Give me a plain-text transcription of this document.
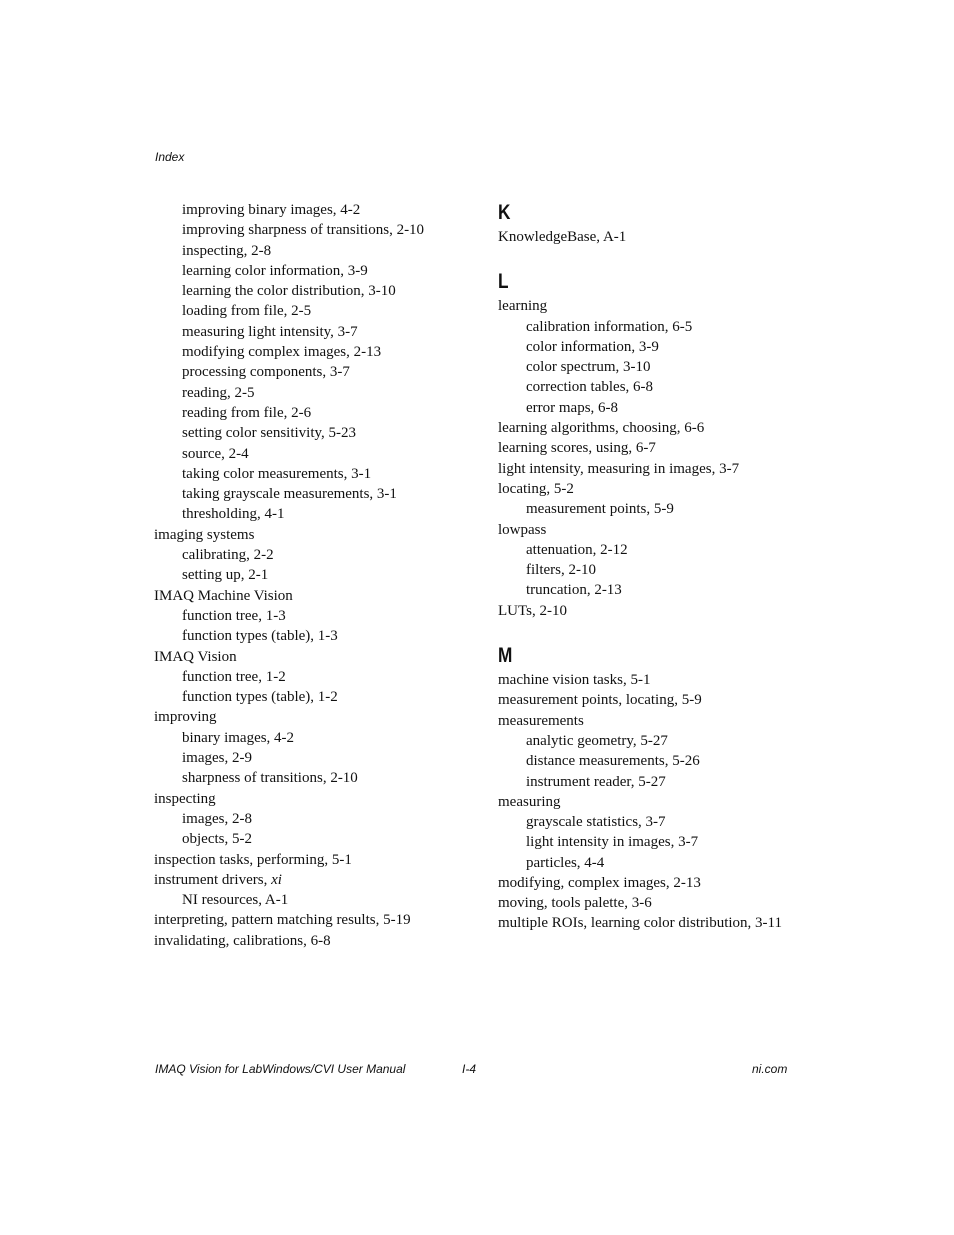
Index
improving binary images, 4-2
improving sharpness of transitions, 2-10
inspecting, 2-8
learning color information, 3-9
learning the color distribution, 3-10
loading from file, 2-5
measuring light intensity, 3-7
modifying complex images, 2-13
processing components, 3-7
reading, 2-5
reading from file, 2-6
setting color sensitivity, 5-23
source, 2-4
taking color measurements, 3-1
taking grayscale measurements, 3-1
thresholding, 4-1
imaging systems
calibrating, 2-2
setting up, 2-1
IMAQ Machine Vision
function tree, 1-3
function types (table), 1-3
IMAQ Vision
function tree, 1-2
function types (table), 1-2
improving
binary images, 4-2
images, 2-9
sharpness of transitions, 2-10
inspecting
images, 2-8
objects, 5-2
inspection tasks, performing, 5-1
instrument drivers, xi
NI resources, A-1
interpreting, pattern matching results, 5-19
invalidating, calibrations, 6-8
K
KnowledgeBase, A-1
L
learning
calibration information, 6-5
color information, 3-9
color spectrum, 3-10
correction tables, 6-8
error maps, 6-8
learning algorithms, choosing, 6-6
learning scores, using, 6-7
light intensity, measuring in images, 3-7
locating, 5-2
measurement points, 5-9
lowpass
attenuation, 2-12
filters, 2-10
truncation, 2-13
LUTs, 2-10
M
machine vision tasks, 5-1
measurement points, locating, 5-9
measurements
analytic geometry, 5-27
distance measurements, 5-26
instrument reader, 5-27
measuring
grayscale statistics, 3-7
light intensity in images, 3-7
particles, 4-4
modifying, complex images, 2-13
moving, tools palette, 3-6
multiple ROIs, learning color distribution, 3-11
IMAQ Vision for LabWindows/CVI User Manual	I-4	ni.com
